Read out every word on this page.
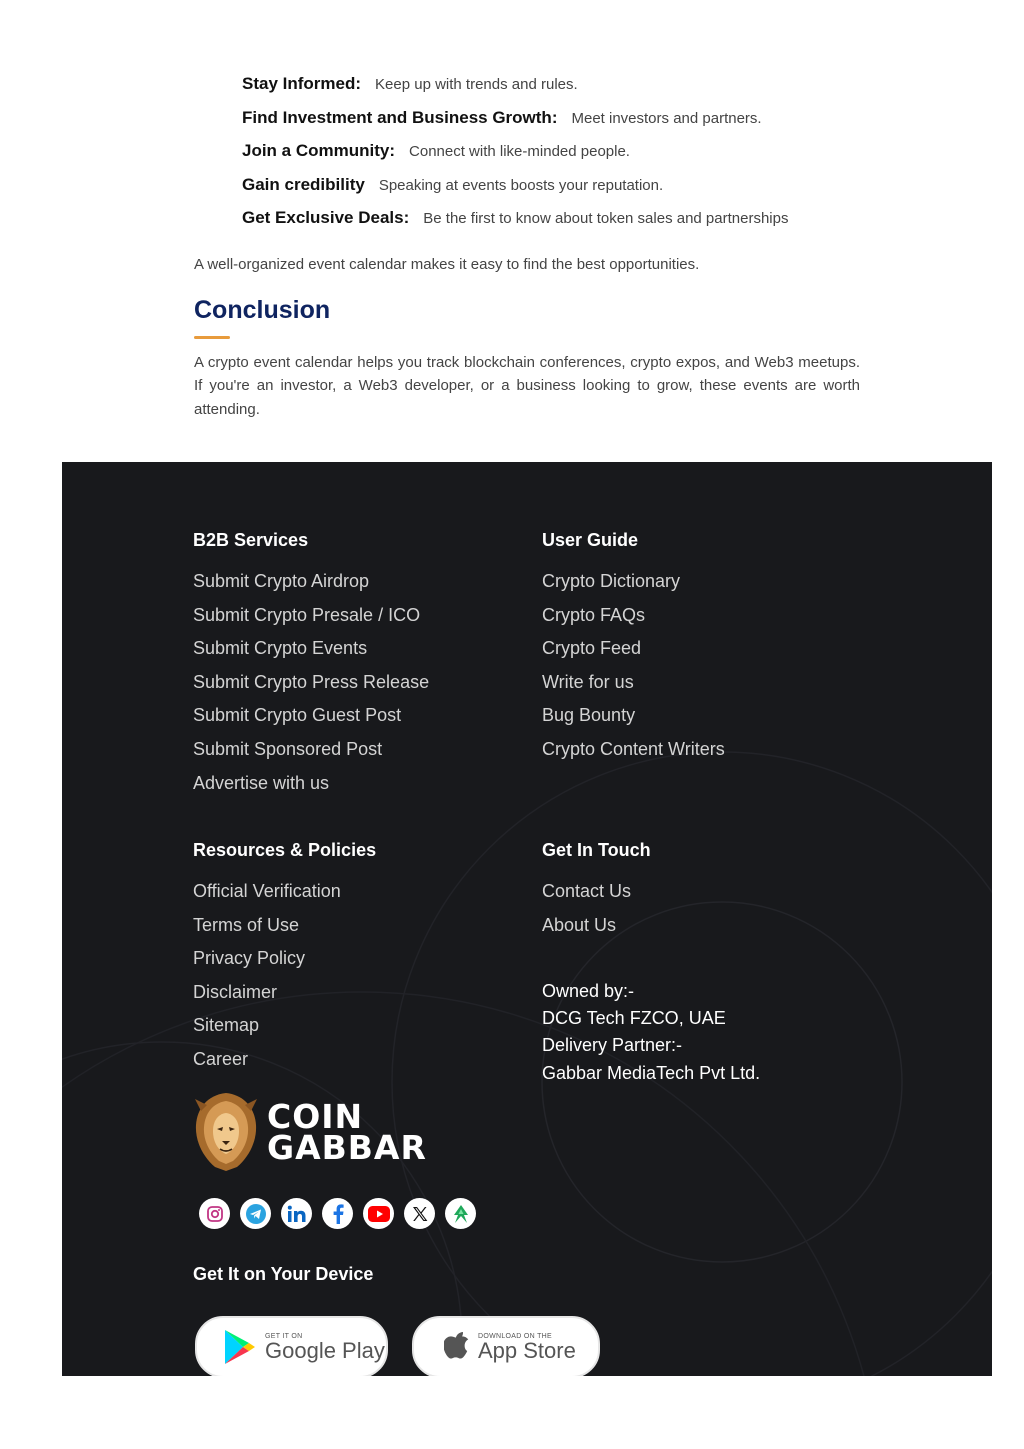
Stay Informed: Keep up with trends and rules.
Find Investment and Business Growth: Meet investors and partners.
Join a Community: Connect with like-minded people.
Gain credibility Speaking at events boosts your reputation.
Get Exclusive Deals: Be the first to know about token sales and partnerships

A well-organized event calendar makes it easy to find the best opportunities.

Conclusion

A crypto event calendar helps you track blockchain conferences, crypto expos, and Web3 meetups. If you're an investor, a Web3 developer, or a business looking to grow, these events are worth attending.

B2B Services
Submit Crypto Airdrop
Submit Crypto Presale / ICO
Submit Crypto Events
Submit Crypto Press Release
Submit Crypto Guest Post
Submit Sponsored Post
Advertise with us
User Guide
Crypto Dictionary
Crypto FAQs
Crypto Feed
Write for us
Bug Bounty
Crypto Content Writers
Resources & Policies
Official Verification
Terms of Use
Privacy Policy
Disclaimer
Sitemap
Career
Get In Touch
Contact Us
About Us
Owned by:-
DCG Tech FZCO, UAE
Delivery Partner:-
Gabbar MediaTech Pvt Ltd.
COIN
GABBAR
Get It on Your Device
GET IT ON
Google Play
DOWNLOAD ON THE
App Store
